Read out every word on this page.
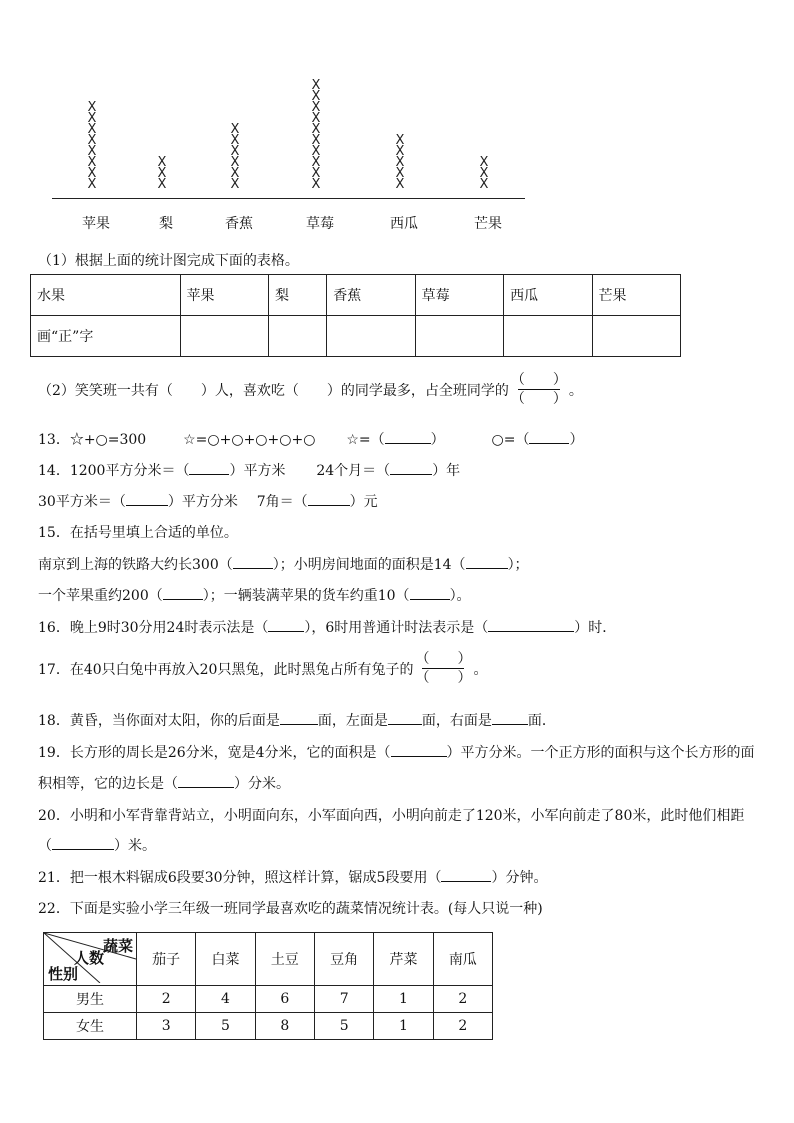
X
X
X
X
X
X
X
X
X
X
X
X
X
X
X
X
X
X
X
X
X
X
X
X
X
X
X
X
X
X
X
X
X
X
X
苹果	梨	香蕉	草莓	西瓜	芒果
（1）根据上面的统计图完成下面的表格。
水果	苹果	梨	香蕉	草莓	西瓜	芒果
画“正”字						
（2）笑笑班一共有（　　）人，喜欢吃（　　）的同学最多，占全班同学的 $\frac{( )}{( )}$ 。
13．☆+○=300	☆=○+○+○+○+○ ☆=（	）	○=（	）
14．1200平方分米＝（	）平方米 24个月＝（	）年
30平方米＝（	）平方分米 7角＝（	）元
15．在括号里填上合适的单位。
南京到上海的铁路大约长300（	）；小明房间地面的面积是14（	）；
一个苹果重约200（	）；一辆装满苹果的货车约重10（	）。
16．晚上9时30分用24时表示法是（	），6时用普通计时法表示是（	）时．
17．在40只白兔中再放入20只黑兔，此时黑兔占所有兔子的 $\frac{( )}{( )}$ 。
18．黄昏，当你面对太阳，你的后面是	面，左面是 面，右面是	面．
19．长方形的周长是26分米，宽是4分米，它的面积是（	）平方分米。一个正方形的面积与这个长方形的面
积相等，它的边长是（	）分米。
20．小明和小军背靠背站立，小明面向东，小军面向西，小明向前走了120米，小军向前走了80米，此时他们相距
（	）米。
21．把一根木料锯成6段要30分钟，照这样计算，锯成5段要用（	）分钟。
22．下面是实验小学三年级一班同学最喜欢吃的蔬菜情况统计表。(每人只说一种)
蔬菜
人数
性别	茄子	白菜	土豆	豆角	芹菜	南瓜
男生	2	4	6	7	1	2
女生	3	5	8	5	1	2
